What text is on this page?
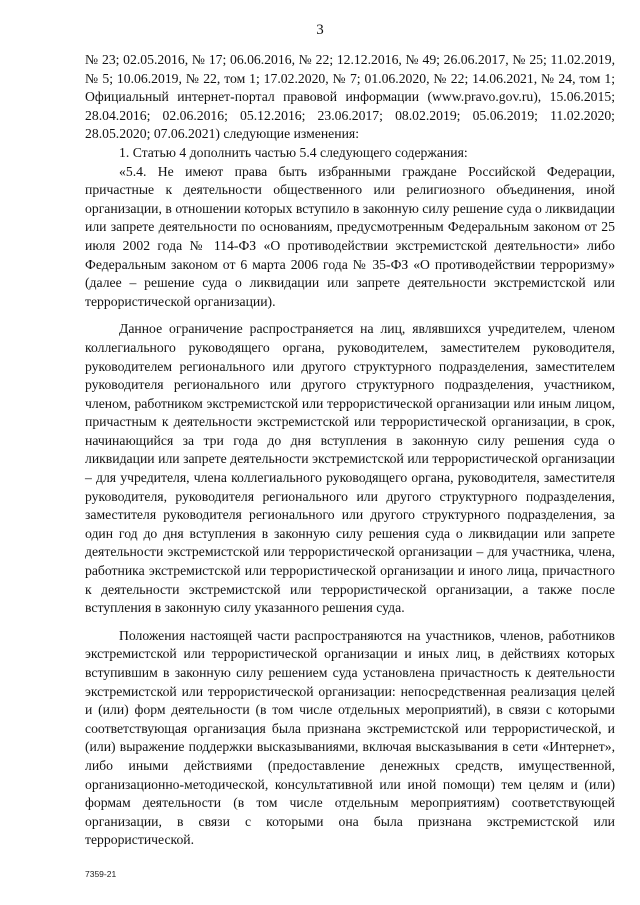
3

№ 23; 02.05.2016, № 17; 06.06.2016, № 22; 12.12.2016, № 49; 26.06.2017, № 25; 11.02.2019, № 5; 10.06.2019, № 22, том 1; 17.02.2020, № 7; 01.06.2020, № 22; 14.06.2021, № 24, том 1; Официальный интернет-портал правовой информации (www.pravo.gov.ru), 15.06.2015; 28.04.2016; 02.06.2016; 05.12.2016; 23.06.2017; 08.02.2019; 05.06.2019; 11.02.2020; 28.05.2020; 07.06.2021) следующие изменения:

1. Статью 4 дополнить частью 5.4 следующего содержания:

«5.4. Не имеют права быть избранными граждане Российской Федерации, причастные к деятельности общественного или религиозного объединения, иной организации, в отношении которых вступило в законную силу решение суда о ликвидации или запрете деятельности по основаниям, предусмотренным Федеральным законом от 25 июля 2002 года № 114-ФЗ «О противодействии экстремистской деятельности» либо Федеральным законом от 6 марта 2006 года № 35-ФЗ «О противодействии терроризму» (далее – решение суда о ликвидации или запрете деятельности экстремистской или террористической организации).

Данное ограничение распространяется на лиц, являвшихся учредителем, членом коллегиального руководящего органа, руководителем, заместителем руководителя, руководителем регионального или другого структурного подразделения, заместителем руководителя регионального или другого структурного подразделения, участником, членом, работником экстремистской или террористической организации или иным лицом, причастным к деятельности экстремистской или террористической организации, в срок, начинающийся за три года до дня вступления в законную силу решения суда о ликвидации или запрете деятельности экстремистской или террористической организации – для учредителя, члена коллегиального руководящего органа, руководителя, заместителя руководителя, руководителя регионального или другого структурного подразделения, заместителя руководителя регионального или другого структурного подразделения, за один год до дня вступления в законную силу решения суда о ликвидации или запрете деятельности экстремистской или террористической организации – для участника, члена, работника экстремистской или террористической организации и иного лица, причастного к деятельности экстремистской или террористической организации, а также после вступления в законную силу указанного решения суда.

Положения настоящей части распространяются на участников, членов, работников экстремистской или террористической организации и иных лиц, в действиях которых вступившим в законную силу решением суда установлена причастность к деятельности экстремистской или террористической организации: непосредственная реализация целей и (или) форм деятельности (в том числе отдельных мероприятий), в связи с которыми соответствующая организация была признана экстремистской или террористической, и (или) выражение поддержки высказываниями, включая высказывания в сети «Интернет», либо иными действиями (предоставление денежных средств, имущественной, организационно-методической, консультативной или иной помощи) тем целям и (или) формам деятельности (в том числе отдельным мероприятиям) соответствующей организации, в связи с которыми она была признана экстремистской или террористической.

7359-21
